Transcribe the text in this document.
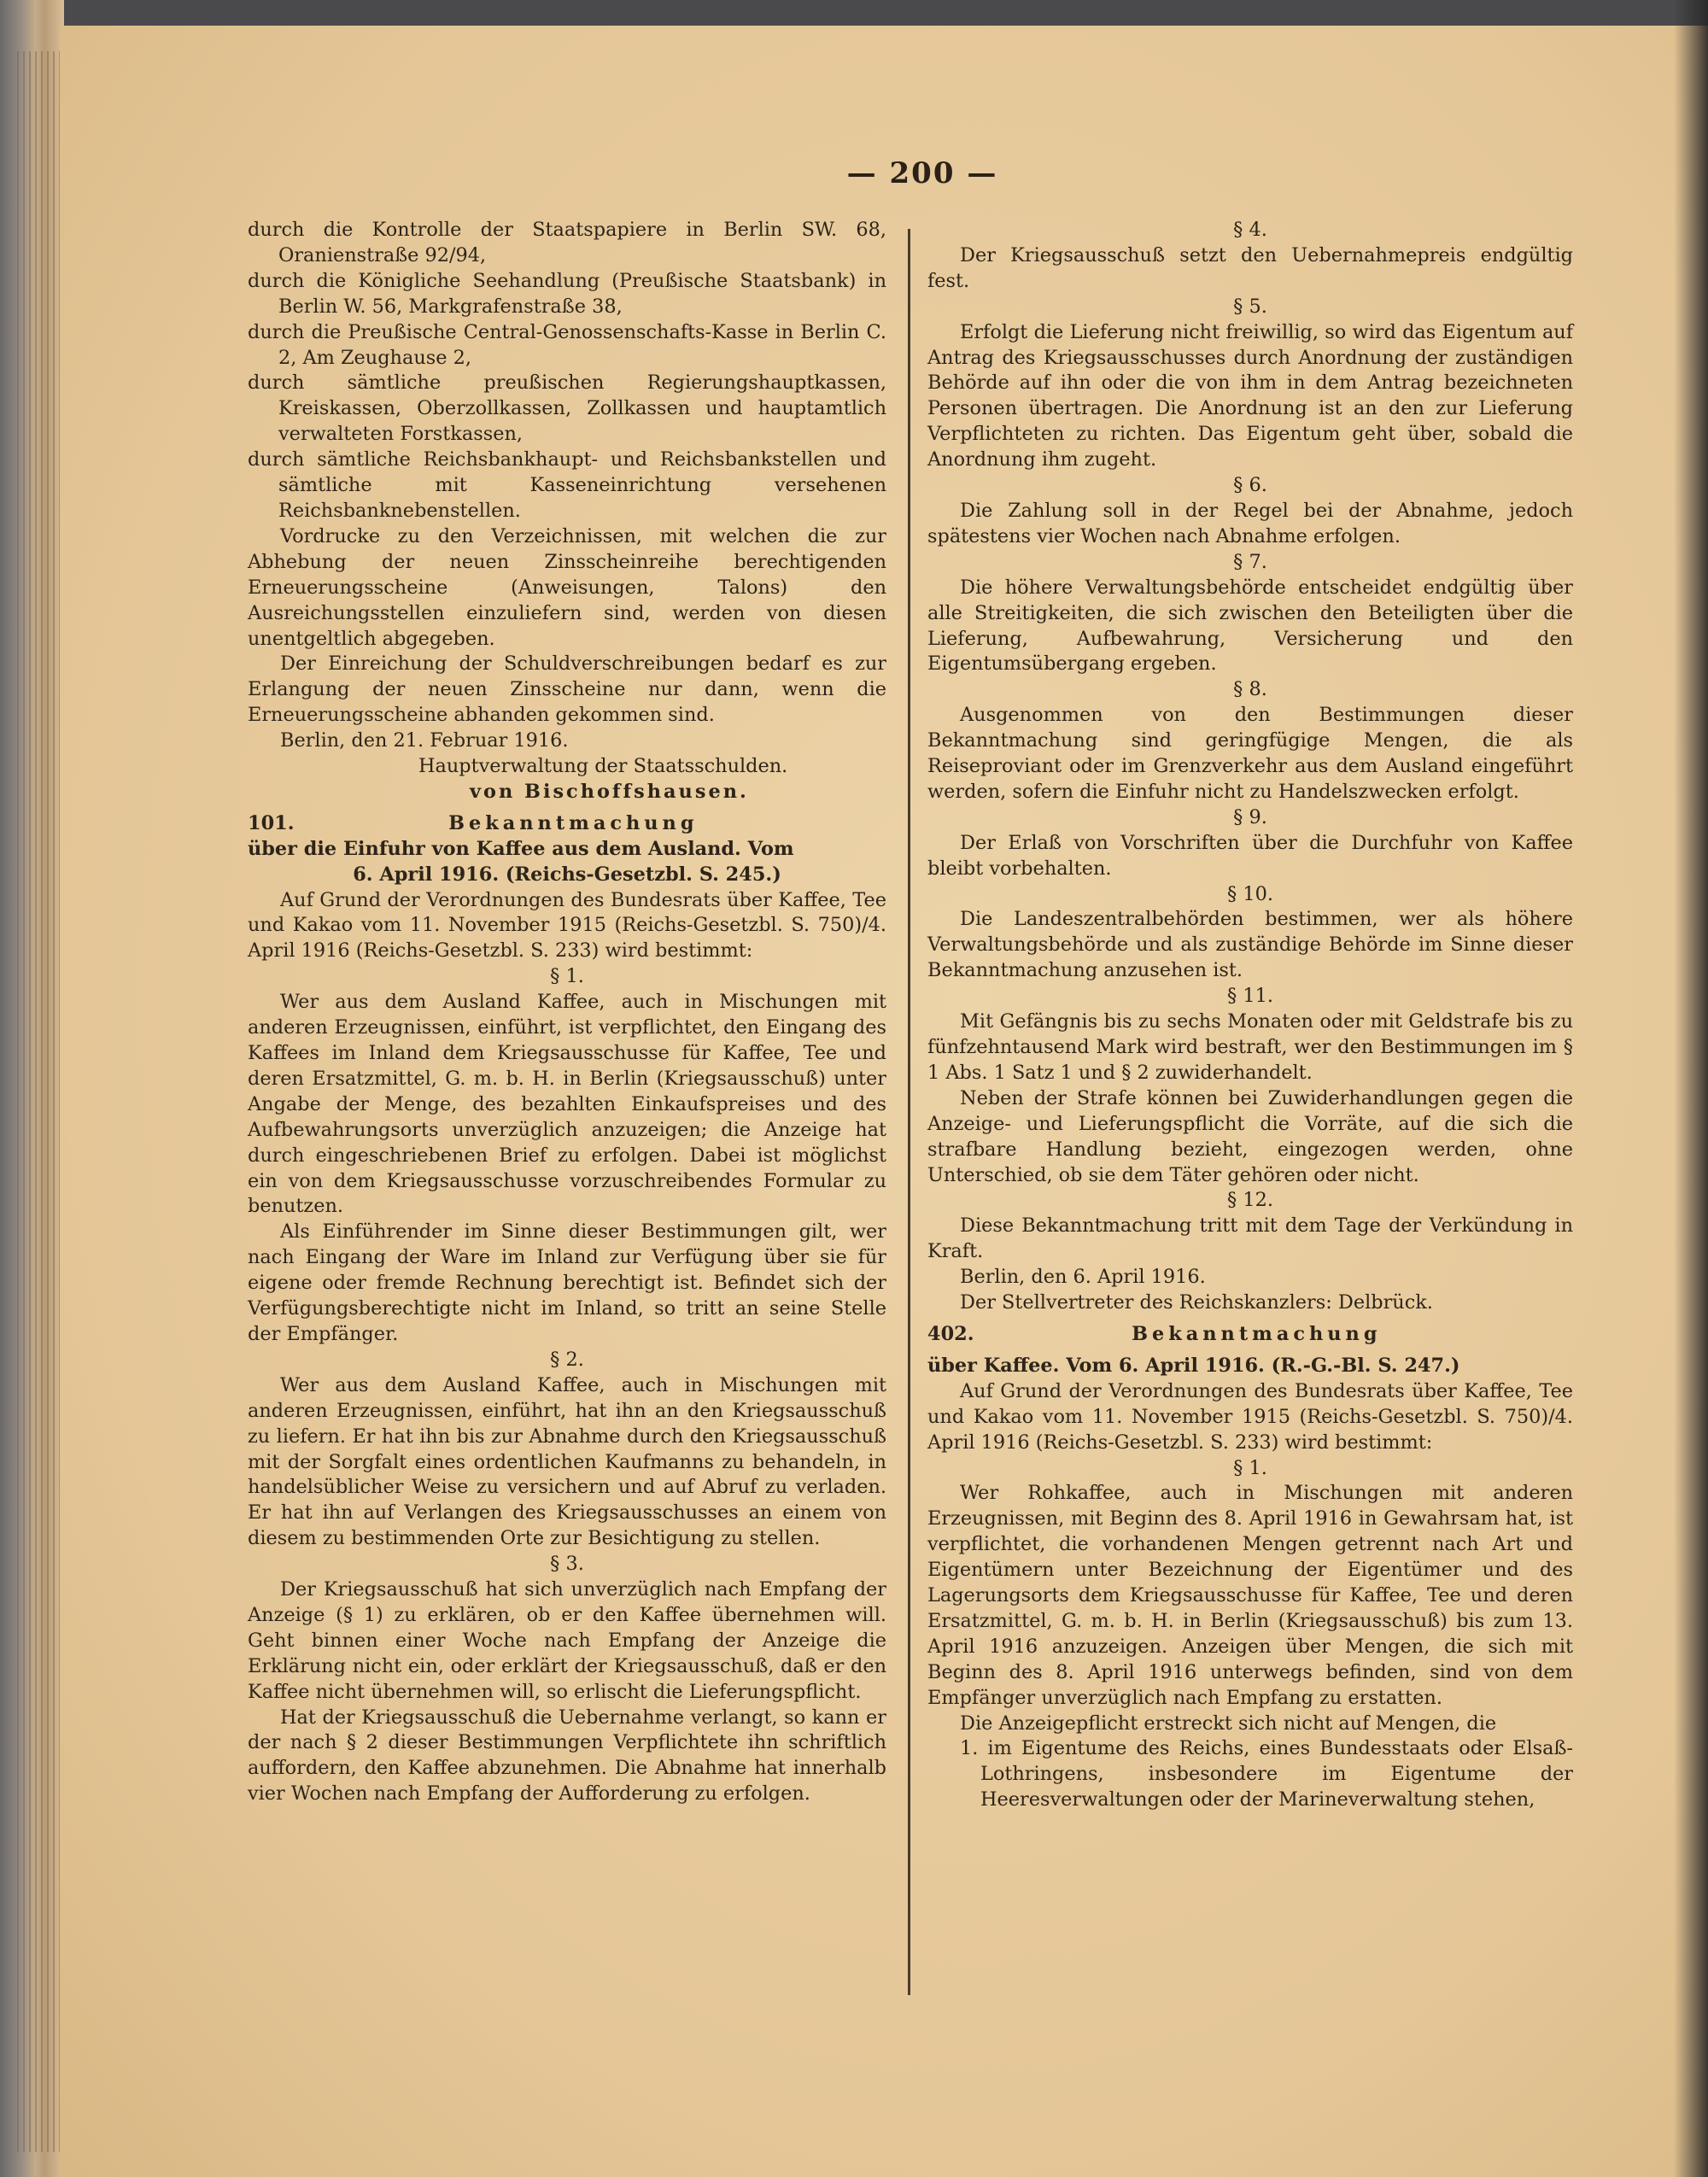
— 200 —

durch die Kontrolle der Staatspapiere in Berlin SW. 68, Oranienstraße 92/94,

durch die Königliche Seehandlung (Preußische Staatsbank) in Berlin W. 56, Markgrafenstraße 38,

durch die Preußische Central-Genossenschafts-Kasse in Berlin C. 2, Am Zeughause 2,

durch sämtliche preußischen Regierungshauptkassen, Kreiskassen, Oberzollkassen, Zollkassen und hauptamtlich verwalteten Forstkassen,

durch sämtliche Reichsbankhaupt- und Reichsbankstellen und sämtliche mit Kasseneinrichtung versehenen Reichsbanknebenstellen.

Vordrucke zu den Verzeichnissen, mit welchen die zur Abhebung der neuen Zinsscheinreihe berechtigenden Erneuerungsscheine (Anweisungen, Talons) den Ausreichungsstellen einzuliefern sind, werden von diesen unentgeltlich abgegeben.

Der Einreichung der Schuldverschreibungen bedarf es zur Erlangung der neuen Zinsscheine nur dann, wenn die Erneuerungsscheine abhanden gekommen sind.

Berlin, den 21. Februar 1916.

Hauptverwaltung der Staatsschulden.

von Bischoffshausen.

101.	Bekanntmachung

über die Einfuhr von Kaffee aus dem Ausland. Vom

6. April 1916. (Reichs-Gesetzbl. S. 245.)

Auf Grund der Verordnungen des Bundesrats über Kaffee, Tee und Kakao vom 11. November 1915 (Reichs-Gesetzbl. S. 750)/4. April 1916 (Reichs-Gesetzbl. S. 233) wird bestimmt:

§ 1.

Wer aus dem Ausland Kaffee, auch in Mischungen mit anderen Erzeugnissen, einführt, ist verpflichtet, den Eingang des Kaffees im Inland dem Kriegsausschusse für Kaffee, Tee und deren Ersatzmittel, G. m. b. H. in Berlin (Kriegsausschuß) unter Angabe der Menge, des bezahlten Einkaufspreises und des Aufbewahrungsorts unverzüglich anzuzeigen; die Anzeige hat durch eingeschriebenen Brief zu erfolgen. Dabei ist möglichst ein von dem Kriegsausschusse vorzuschreibendes Formular zu benutzen.

Als Einführender im Sinne dieser Bestimmungen gilt, wer nach Eingang der Ware im Inland zur Verfügung über sie für eigene oder fremde Rechnung berechtigt ist. Befindet sich der Verfügungsberechtigte nicht im Inland, so tritt an seine Stelle der Empfänger.

§ 2.

Wer aus dem Ausland Kaffee, auch in Mischungen mit anderen Erzeugnissen, einführt, hat ihn an den Kriegsausschuß zu liefern. Er hat ihn bis zur Abnahme durch den Kriegsausschuß mit der Sorgfalt eines ordentlichen Kaufmanns zu behandeln, in handelsüblicher Weise zu versichern und auf Abruf zu verladen. Er hat ihn auf Verlangen des Kriegsausschusses an einem von diesem zu bestimmenden Orte zur Besichtigung zu stellen.

§ 3.

Der Kriegsausschuß hat sich unverzüglich nach Empfang der Anzeige (§ 1) zu erklären, ob er den Kaffee übernehmen will. Geht binnen einer Woche nach Empfang der Anzeige die Erklärung nicht ein, oder erklärt der Kriegsausschuß, daß er den Kaffee nicht übernehmen will, so erlischt die Lieferungspflicht.

Hat der Kriegsausschuß die Uebernahme verlangt, so kann er der nach § 2 dieser Bestimmungen Verpflichtete ihn schriftlich auffordern, den Kaffee abzunehmen. Die Abnahme hat innerhalb vier Wochen nach Empfang der Aufforderung zu erfolgen.

§ 4.

Der Kriegsausschuß setzt den Uebernahmepreis endgültig fest.

§ 5.

Erfolgt die Lieferung nicht freiwillig, so wird das Eigentum auf Antrag des Kriegsausschusses durch Anordnung der zuständigen Behörde auf ihn oder die von ihm in dem Antrag bezeichneten Personen übertragen. Die Anordnung ist an den zur Lieferung Verpflichteten zu richten. Das Eigentum geht über, sobald die Anordnung ihm zugeht.

§ 6.

Die Zahlung soll in der Regel bei der Abnahme, jedoch spätestens vier Wochen nach Abnahme erfolgen.

§ 7.

Die höhere Verwaltungsbehörde entscheidet endgültig über alle Streitigkeiten, die sich zwischen den Beteiligten über die Lieferung, Aufbewahrung, Versicherung und den Eigentumsübergang ergeben.

§ 8.

Ausgenommen von den Bestimmungen dieser Bekanntmachung sind geringfügige Mengen, die als Reiseproviant oder im Grenzverkehr aus dem Ausland eingeführt werden, sofern die Einfuhr nicht zu Handelszwecken erfolgt.

§ 9.

Der Erlaß von Vorschriften über die Durchfuhr von Kaffee bleibt vorbehalten.

§ 10.

Die Landeszentralbehörden bestimmen, wer als höhere Verwaltungsbehörde und als zuständige Behörde im Sinne dieser Bekanntmachung anzusehen ist.

§ 11.

Mit Gefängnis bis zu sechs Monaten oder mit Geldstrafe bis zu fünfzehntausend Mark wird bestraft, wer den Bestimmungen im § 1 Abs. 1 Satz 1 und § 2 zuwiderhandelt.

Neben der Strafe können bei Zuwiderhandlungen gegen die Anzeige- und Lieferungspflicht die Vorräte, auf die sich die strafbare Handlung bezieht, eingezogen werden, ohne Unterschied, ob sie dem Täter gehören oder nicht.

§ 12.

Diese Bekanntmachung tritt mit dem Tage der Verkündung in Kraft.

Berlin, den 6. April 1916.

Der Stellvertreter des Reichskanzlers: Delbrück.

402.	Bekanntmachung

über Kaffee. Vom 6. April 1916. (R.-G.-Bl. S. 247.)

Auf Grund der Verordnungen des Bundesrats über Kaffee, Tee und Kakao vom 11. November 1915 (Reichs-Gesetzbl. S. 750)/4. April 1916 (Reichs-Gesetzbl. S. 233) wird bestimmt:

§ 1.

Wer Rohkaffee, auch in Mischungen mit anderen Erzeugnissen, mit Beginn des 8. April 1916 in Gewahrsam hat, ist verpflichtet, die vorhandenen Mengen getrennt nach Art und Eigentümern unter Bezeichnung der Eigentümer und des Lagerungsorts dem Kriegsausschusse für Kaffee, Tee und deren Ersatzmittel, G. m. b. H. in Berlin (Kriegsausschuß) bis zum 13. April 1916 anzuzeigen. Anzeigen über Mengen, die sich mit Beginn des 8. April 1916 unterwegs befinden, sind von dem Empfänger unverzüglich nach Empfang zu erstatten.

Die Anzeigepflicht erstreckt sich nicht auf Mengen, die

1. im Eigentume des Reichs, eines Bundesstaats oder Elsaß-Lothringens, insbesondere im Eigentume der Heeresverwaltungen oder der Marineverwaltung stehen,
